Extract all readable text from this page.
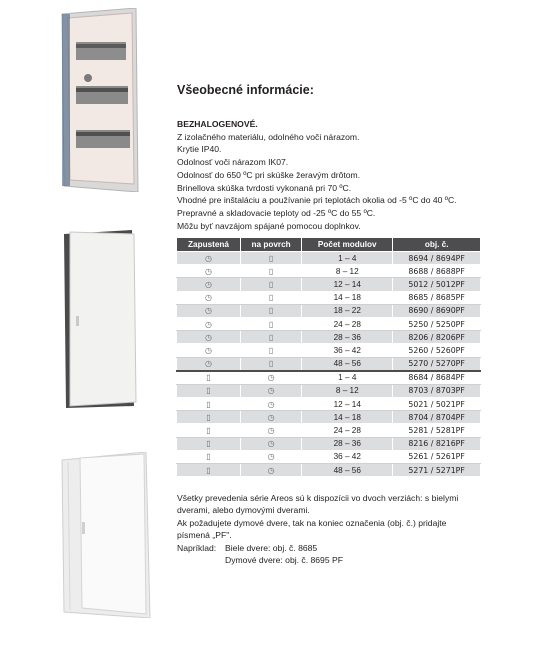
Všeobecné informácie:
BEZHALOGENOVÉ.
Z izolačného materiálu, odolného voči nárazom.
Krytie IP40.
Odolnosť voči nárazom IK07.
Odolnosť do 650 ºC pri skúške žeravým drôtom.
Brinellova skúška tvrdosti vykonaná pri 70 ºC.
Vhodné pre inštaláciu a používanie pri teplotách okolia od -5 ºC do 40 ºC.
Prepravné a skladovacie teploty od -25 ºC do 55 ºC.
Môžu byť navzájom spájané pomocou doplnkov.
Zapustená	na povrch	Počet modulov	obj. č.
◷	▯	1 – 4	8694 / 8694PF
◷	▯	8 – 12	8688 / 8688PF
◷	▯	12 – 14	5012 / 5012PF
◷	▯	14 – 18	8685 / 8685PF
◷	▯	18 – 22	8690 / 8690PF
◷	▯	24 – 28	5250 / 5250PF
◷	▯	28 – 36	8206 / 8206PF
◷	▯	36 – 42	5260 / 5260PF
◷	▯	48 – 56	5270 / 5270PF
▯	◷	1 – 4	8684 / 8684PF
▯	◷	8 – 12	8703 / 8703PF
▯	◷	12 – 14	5021 / 5021PF
▯	◷	14 – 18	8704 / 8704PF
▯	◷	24 – 28	5281 / 5281PF
▯	◷	28 – 36	8216 / 8216PF
▯	◷	36 – 42	5261 / 5261PF
▯	◷	48 – 56	5271 / 5271PF
Všetky prevedenia série Areos sú k dispozícii vo dvoch verziách: s bielymi
dverami, alebo dymovými dverami.
Ak požadujete dymové dvere, tak na koniec označenia (obj. č.) pridajte
písmená „PF".
Napríklad:	Biele dvere: obj. č. 8685
Dymové dvere: obj. č. 8695 PF
